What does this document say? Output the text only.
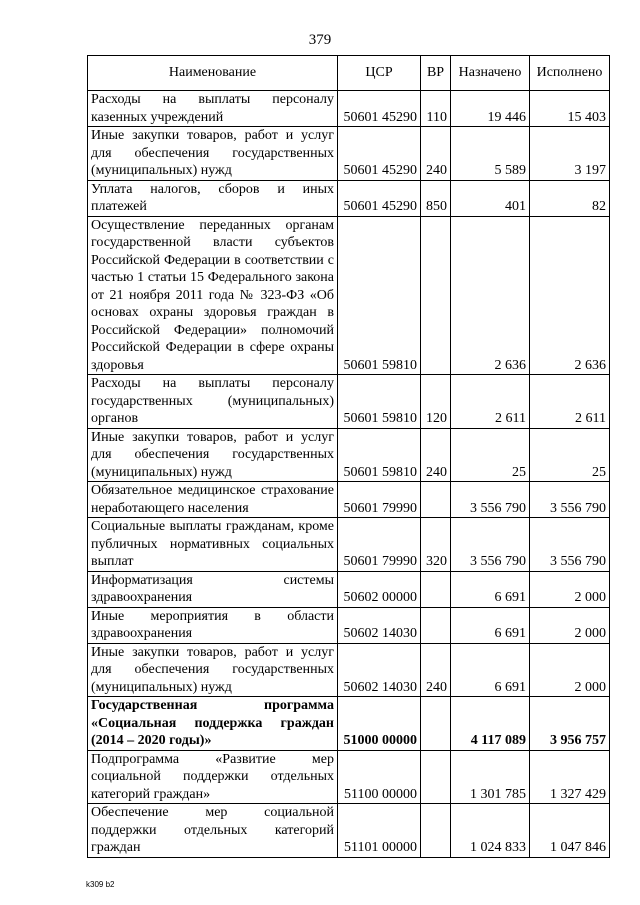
379
Наименование	ЦСР	ВР	Назначено	Исполнено
Расходы на выплаты персоналу казенных учреждений	50601 45290	110	19 446	15 403
Иные закупки товаров, работ и услуг для обеспечения государственных (муниципальных) нужд	50601 45290	240	5 589	3 197
Уплата налогов, сборов и иных платежей	50601 45290	850	401	82
Осуществление переданных органам государственной власти субъектов Российской Федерации в соответствии с частью 1 статьи 15 Федерального закона от 21 ноября 2011 года № 323-ФЗ «Об основах охраны здоровья граждан в Российской Федерации» полномочий Российской Федерации в сфере охраны здоровья	50601 59810		2 636	2 636
Расходы на выплаты персоналу государственных (муниципальных) органов	50601 59810	120	2 611	2 611
Иные закупки товаров, работ и услуг для обеспечения государственных (муниципальных) нужд	50601 59810	240	25	25
Обязательное медицинское страхование неработающего населения	50601 79990		3 556 790	3 556 790
Социальные выплаты гражданам, кроме публичных нормативных социальных выплат	50601 79990	320	3 556 790	3 556 790
Информатизация системы здравоохранения	50602 00000		6 691	2 000
Иные мероприятия в области здравоохранения	50602 14030		6 691	2 000
Иные закупки товаров, работ и услуг для обеспечения государственных (муниципальных) нужд	50602 14030	240	6 691	2 000
Государственная программа «Социальная поддержка граждан (2014 – 2020 годы)»	51000 00000		4 117 089	3 956 757
Подпрограмма «Развитие мер социальной поддержки отдельных категорий граждан»	51100 00000		1 301 785	1 327 429
Обеспечение мер социальной поддержки отдельных категорий граждан	51101 00000		1 024 833	1 047 846
k309 b2
